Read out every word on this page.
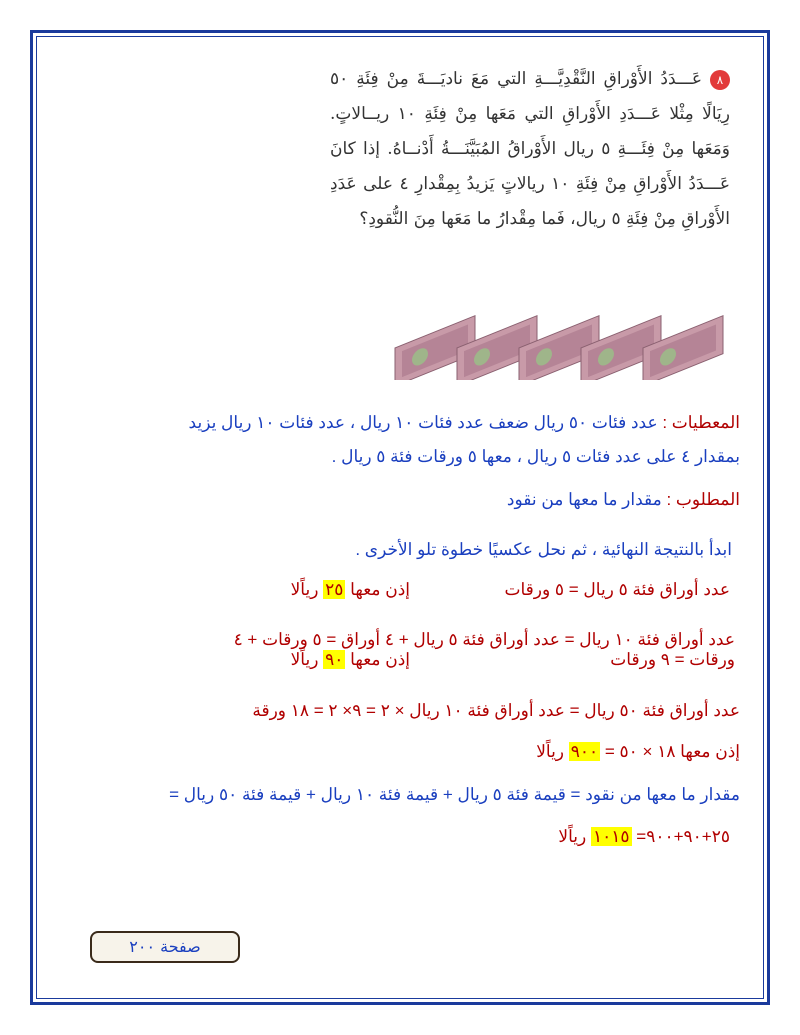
٨عَـــدَدُ الأَوْراقِ النَّقْدِيَّـــةِ التي مَعَ ناديَـــةَ مِنْ فِئَةِ ٥٠ رِيَالًا مِثْلا عَـــدَدِ الأَوْراقِ التي مَعَها مِنْ فِئَةِ ١٠ ريــالاتٍ. وَمَعَها مِنْ فِئَـــةِ ٥ ريال الأَوْراقُ المُبَيَّنَـــةُ أَدْنــاهُ. إذا كانَ عَـــدَدُ الأَوْراقِ مِنْ فِئَةِ ١٠ ريالاتٍ يَزيدُ بِمِقْدارِ ٤ على عَدَدِ الأَوْراقِ مِنْ فِئَةِ ٥ ريال، فَما مِقْدارُ ما مَعَها مِنَ النُّقودِ؟
المعطيات : عدد فئات ٥٠ ريال ضعف عدد فئات ١٠ ريال ، عدد فئات ١٠ ريال يزيد
بمقدار ٤ على عدد فئات ٥ ريال ، معها ٥ ورقات فئة ٥ ريال .
المطلوب : مقدار ما معها من نقود
ابدأ بالنتيجة النهائية ، ثم نحل عكسيًا خطوة تلو الأخرى .
عدد أوراق فئة ٥ ريال = ٥ ورقات
إذن معها ٢٥ رياًلا
عدد أوراق فئة ١٠ ريال = عدد أوراق فئة ٥ ريال + ٤ أوراق = ٥ ورقات + ٤
ورقات = ٩ ورقات
إذن معها ٩٠ رياًلا
عدد أوراق فئة ٥٠ ريال = عدد أوراق فئة ١٠ ريال × ٢ = ٩× ٢ = ١٨ ورقة
إذن معها ١٨ × ٥٠ = ٩٠٠ رياًلا
مقدار ما معها من نقود = قيمة فئة ٥ ريال + قيمة فئة ١٠ ريال + قيمة فئة ٥٠ ريال =
٢٥+٩٠+٩٠٠= ١٠١٥ رياًلا
صفحة ٢٠٠
